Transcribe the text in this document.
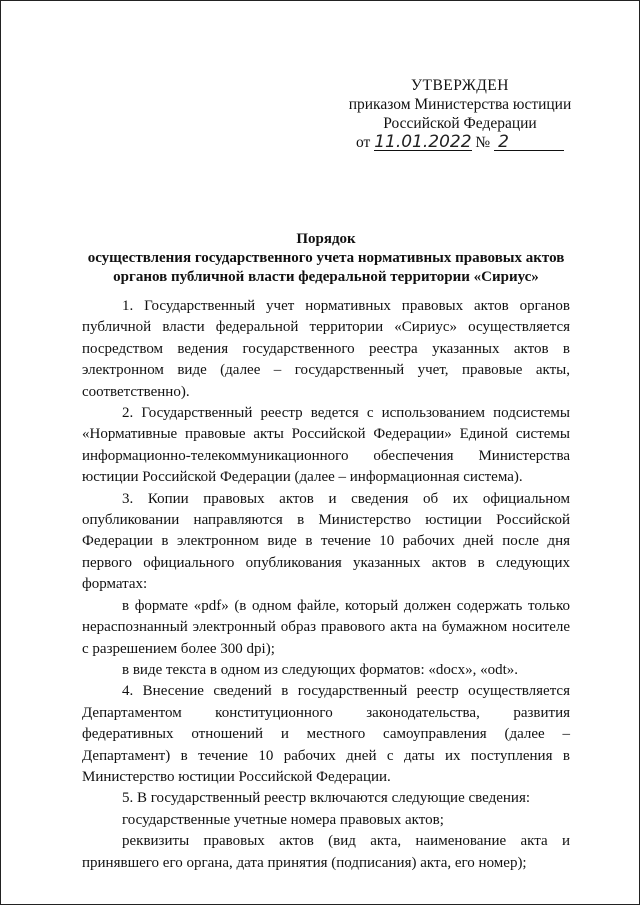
УТВЕРЖДЕН
приказом Министерства юстиции
Российской Федерации
от 11.01.2022 № 2
Порядок
осуществления государственного учета нормативных правовых актов
органов публичной власти федеральной территории «Сириус»

1. Государственный учет нормативных правовых актов органов публичной власти федеральной территории «Сириус» осуществляется посредством ведения государственного реестра указанных актов в электронном виде (далее – государственный учет, правовые акты, соответственно).

2. Государственный реестр ведется с использованием подсистемы «Нормативные правовые акты Российской Федерации» Единой системы информационно-телекоммуникационного обеспечения Министерства юстиции Российской Федерации (далее – информационная система).

3. Копии правовых актов и сведения об их официальном опубликовании направляются в Министерство юстиции Российской Федерации в электронном виде в течение 10 рабочих дней после дня первого официального опубликования указанных актов в следующих форматах:

в формате «pdf» (в одном файле, который должен содержать только нераспознанный электронный образ правового акта на бумажном носителе с разрешением более 300 dpi);

в виде текста в одном из следующих форматов: «docx», «odt».

4. Внесение сведений в государственный реестр осуществляется Департаментом конституционного законодательства, развития федеративных отношений и местного самоуправления (далее – Департамент) в течение 10 рабочих дней с даты их поступления в Министерство юстиции Российской Федерации.

5. В государственный реестр включаются следующие сведения:

государственные учетные номера правовых актов;

реквизиты правовых актов (вид акта, наименование акта и принявшего его органа, дата принятия (подписания) акта, его номер);
